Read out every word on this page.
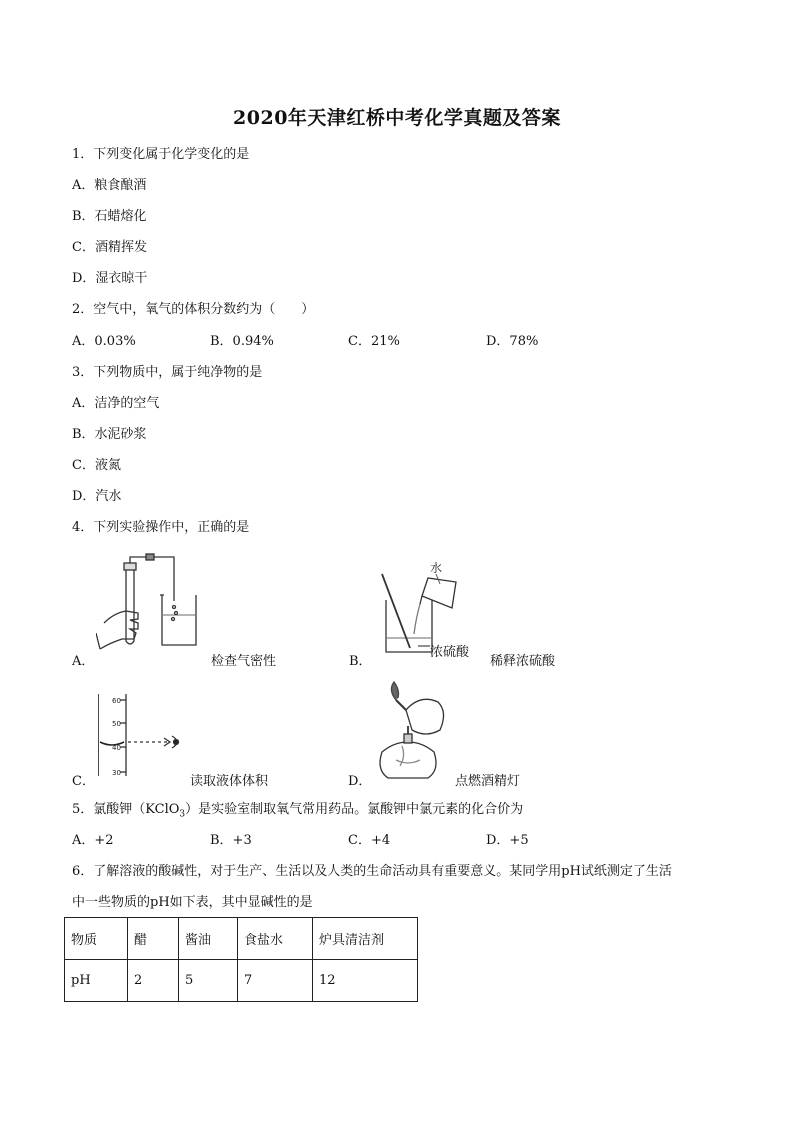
2020年天津红桥中考化学真题及答案
1．下列变化属于化学变化的是
A．粮食酿酒
B．石蜡熔化
C．酒精挥发
D．湿衣晾干
2．空气中，氧气的体积分数约为（　　）
A．0.03%	B．0.94%	C．21%	D．78%
3．下列物质中，属于纯净物的是
A．洁净的空气
B．水泥砂浆
C．液氮
D．汽水
4．下列实验操作中，正确的是
A．	检查气密性
水
浓硫酸
B．	稀释浓硫酸
60
50
40
30
C．	读取液体体积	D．	点燃酒精灯
5．氯酸钾（KClO$_3$）是实验室制取氧气常用药品。氯酸钾中氯元素的化合价为
A．+2	B．+3	C．+4	D．+5
6．了解溶液的酸碱性，对于生产、生活以及人类的生命活动具有重要意义。某同学用pH试纸测定了生活
中一些物质的pH如下表，其中显碱性的是
物质	醋	酱油	食盐水	炉具清洁剂
pH	2	5	7	12
